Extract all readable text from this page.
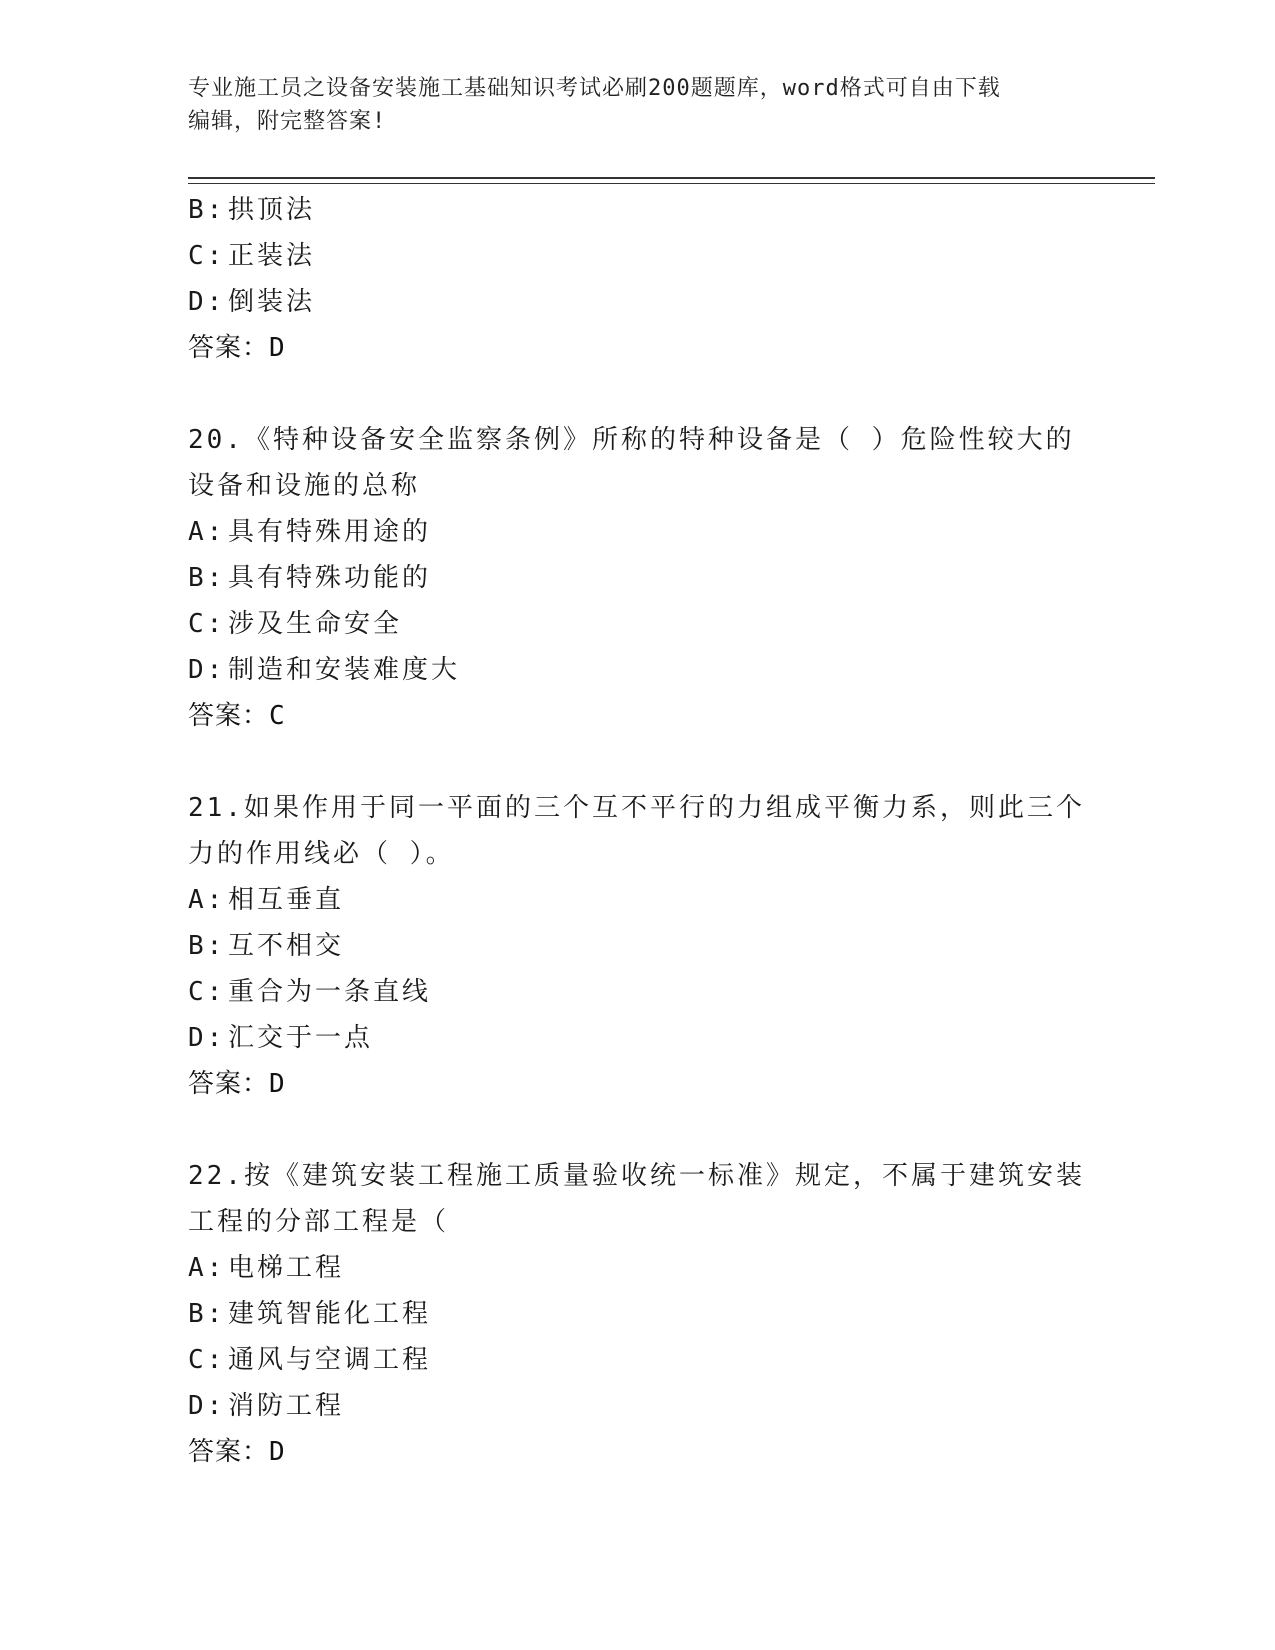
专业施工员之设备安装施工基础知识考试必刷200题题库，word格式可自由下载
编辑，附完整答案!
B: 拱顶法
C: 正装法
D: 倒装法
答案：D
20.《特种设备安全监察条例》所称的特种设备是（ ）危险性较大的
设备和设施的总称
A: 具有特殊用途的
B: 具有特殊功能的
C: 涉及生命安全
D: 制造和安装难度大
答案：C
21.如果作用于同一平面的三个互不平行的力组成平衡力系，则此三个
力的作用线必（ ）。
A: 相互垂直
B: 互不相交
C: 重合为一条直线
D: 汇交于一点
答案：D
22.按《建筑安装工程施工质量验收统一标准》规定，不属于建筑安装
工程的分部工程是（
A: 电梯工程
B: 建筑智能化工程
C: 通风与空调工程
D: 消防工程
答案：D
